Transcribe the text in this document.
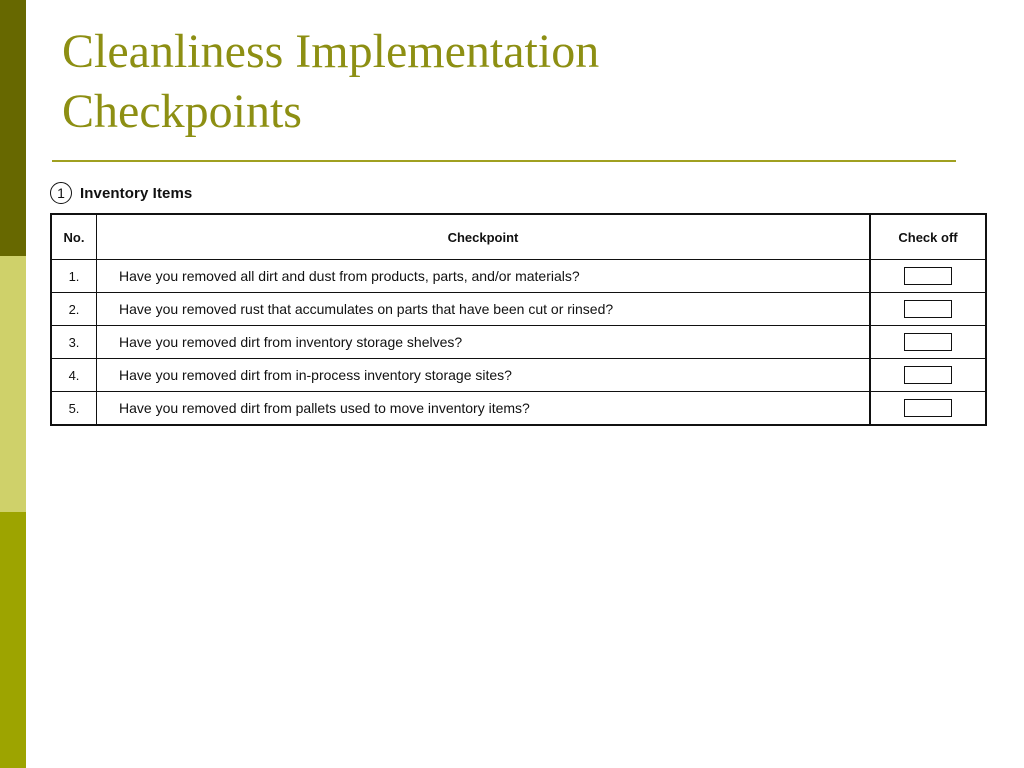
Cleanliness Implementation
Checkpoints
1	Inventory Items
No.	Checkpoint	Check off
1.	Have you removed all dirt and dust from products, parts, and/or materials?	
2.	Have you removed rust that accumulates on parts that have been cut or rinsed?	
3.	Have you removed dirt from inventory storage shelves?	
4.	Have you removed dirt from in-process inventory storage sites?	
5.	Have you removed dirt from pallets used to move inventory items?	
